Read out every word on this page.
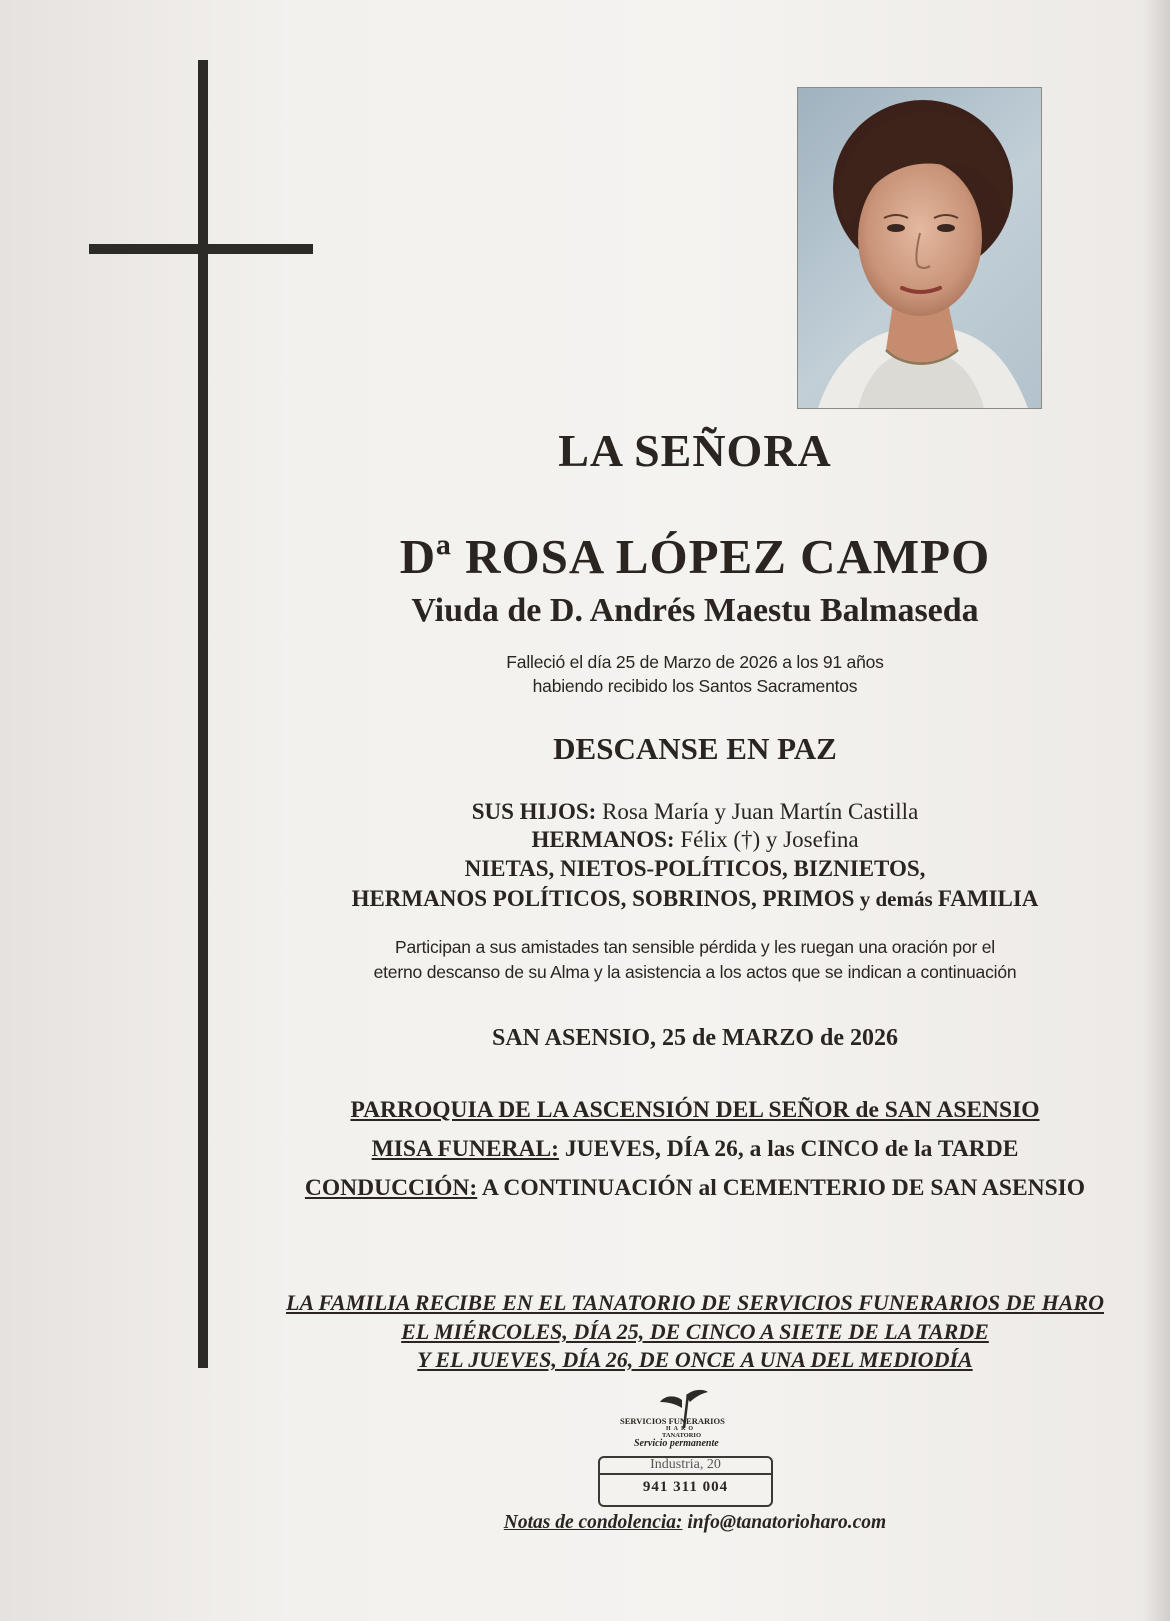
LA SEÑORA
Dª ROSA LÓPEZ CAMPO
Viuda de D. Andrés Maestu Balmaseda
Falleció el día 25 de Marzo de 2026 a los 91 años
habiendo recibido los Santos Sacramentos
DESCANSE EN PAZ
SUS HIJOS: Rosa María y Juan Martín Castilla
HERMANOS: Félix (†) y Josefina
NIETAS, NIETOS-POLÍTICOS, BIZNIETOS,
HERMANOS POLÍTICOS, SOBRINOS, PRIMOS y demás FAMILIA
Participan a sus amistades tan sensible pérdida y les ruegan una oración por el
eterno descanso de su Alma y la asistencia a los actos que se indican a continuación
SAN ASENSIO, 25 de MARZO de 2026
PARROQUIA DE LA ASCENSIÓN DEL SEÑOR de SAN ASENSIO
MISA FUNERAL: JUEVES, DÍA 26, a las CINCO de la TARDE
CONDUCCIÓN: A CONTINUACIÓN al CEMENTERIO DE SAN ASENSIO
LA FAMILIA RECIBE EN EL TANATORIO DE SERVICIOS FUNERARIOS DE HARO
EL MIÉRCOLES, DÍA 25, DE CINCO A SIETE DE LA TARDE
Y EL JUEVES, DÍA 26, DE ONCE A UNA DEL MEDIODÍA
SERVICIOS FUNERARIOS
HARO
TANATORIO
Servicio permanente
Industria, 20
941 311 004
Notas de condolencia: info@tanatorioharo.com
